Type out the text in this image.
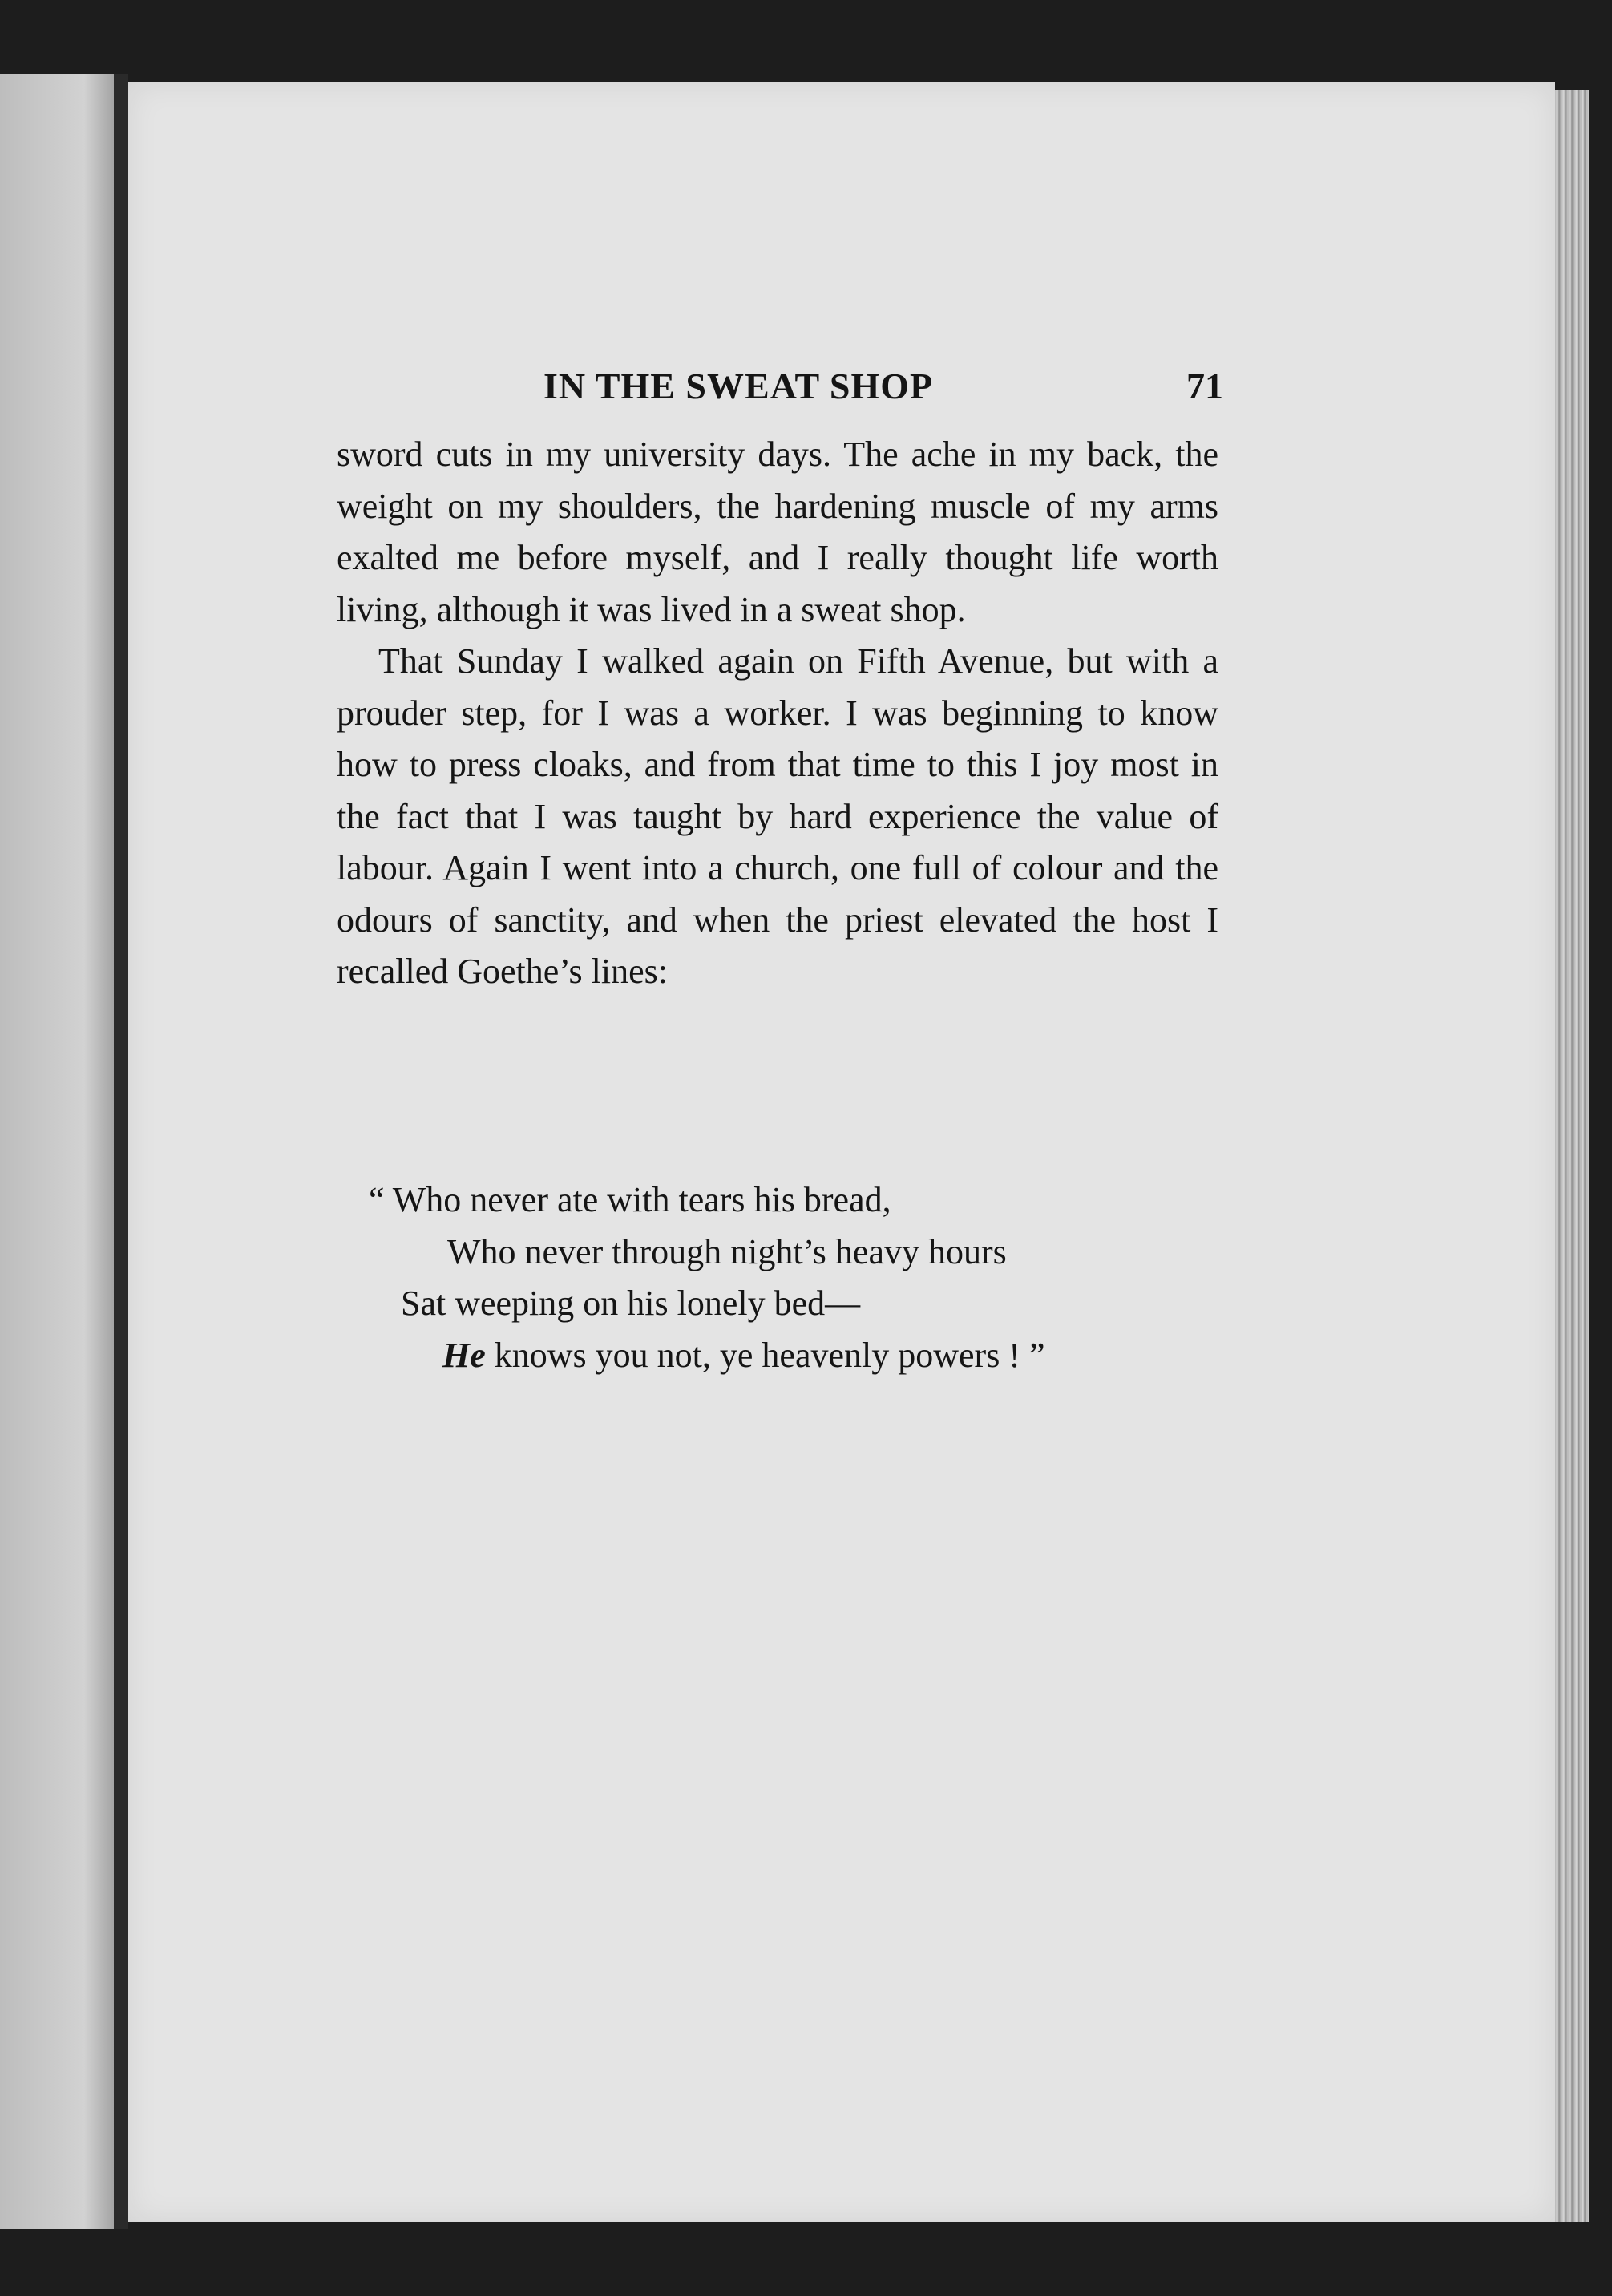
IN THE SWEAT SHOP	71

sword cuts in my university days. The ache in my back, the weight on my shoulders, the hardening muscle of my arms exalted me before myself, and I really thought life worth living, although it was lived in a sweat shop.

That Sunday I walked again on Fifth Avenue, but with a prouder step, for I was a worker. I was beginning to know how to press cloaks, and from that time to this I joy most in the fact that I was taught by hard experience the value of labour. Again I went into a church, one full of colour and the odours of sanctity, and when the priest elevated the host I recalled Goethe’s lines:

“ Who never ate with tears his bread,
Who never through night’s heavy hours
Sat weeping on his lonely bed—
He knows you not, ye heavenly powers ! ”
